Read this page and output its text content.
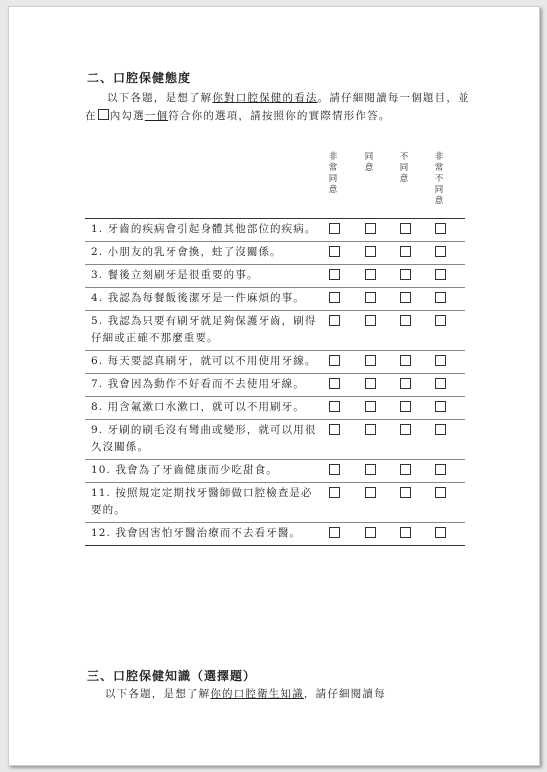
二、口腔保健態度
以下各題，是想了解你對口腔保健的看法。請仔細閱讀每一個題目，並在 內勾選一個符合你的選項，請按照你的實際情形作答。
非常同意
同意
不同意
非常不同意
1. 牙齒的疾病會引起身體其他部位的疾病。
2. 小朋友的乳牙會換，蛀了沒關係。
3. 餐後立刻刷牙是很重要的事。
4. 我認為每餐飯後潔牙是一件麻煩的事。
5. 我認為只要有刷牙就足夠保護牙齒，刷得仔細或正確不那麼重要。
6. 每天要認真刷牙，就可以不用使用牙線。
7. 我會因為動作不好看而不去使用牙線。
8. 用含氟漱口水漱口，就可以不用刷牙。
9. 牙刷的刷毛沒有彎曲或變形，就可以用很久沒關係。
10. 我會為了牙齒健康而少吃甜食。
11. 按照規定定期找牙醫師做口腔檢查是必要的。
12. 我會因害怕牙醫治療而不去看牙醫。
三、口腔保健知識（選擇題）
以下各題，是想了解你的口腔衛生知識，請仔細閱讀每
